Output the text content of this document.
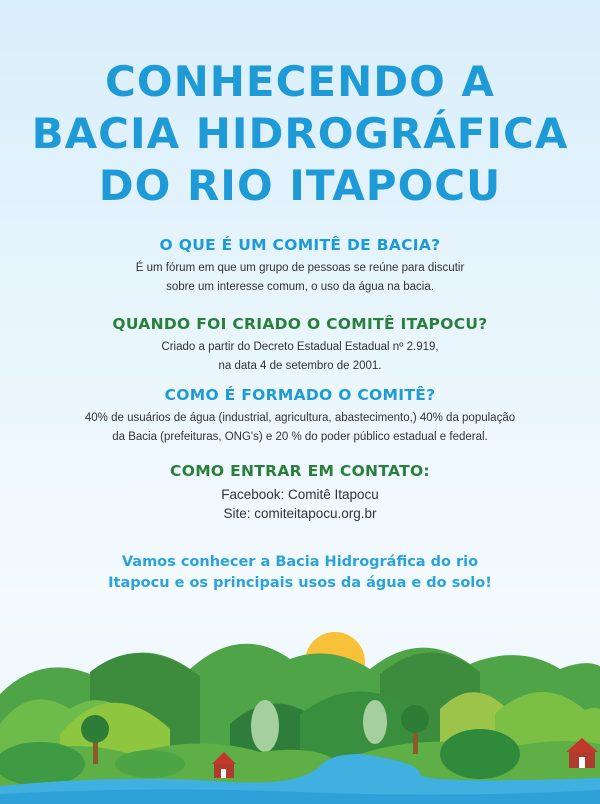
CONHECENDO A
BACIA HIDROGRÁFICA
DO RIO ITAPOCU
O QUE É UM COMITÊ DE BACIA?

É um fórum em que um grupo de pessoas se reúne para discutir

sobre um interesse comum, o uso da água na bacia.

QUANDO FOI CRIADO O COMITÊ ITAPOCU?

Criado a partir do Decreto Estadual Estadual nº 2.919,

na data 4 de setembro de 2001.

COMO É FORMADO O COMITÊ?

40% de usuários de água (industrial, agricultura, abastecimento,) 40% da população

da Bacia (prefeituras, ONG's) e 20 % do poder público estadual e federal.

COMO ENTRAR EM CONTATO:

Facebook: Comitê Itapocu

Site: comiteitapocu.org.br

Vamos conhecer a Bacia Hidrográfica do rio
Itapocu e os principais usos da água e do solo!
